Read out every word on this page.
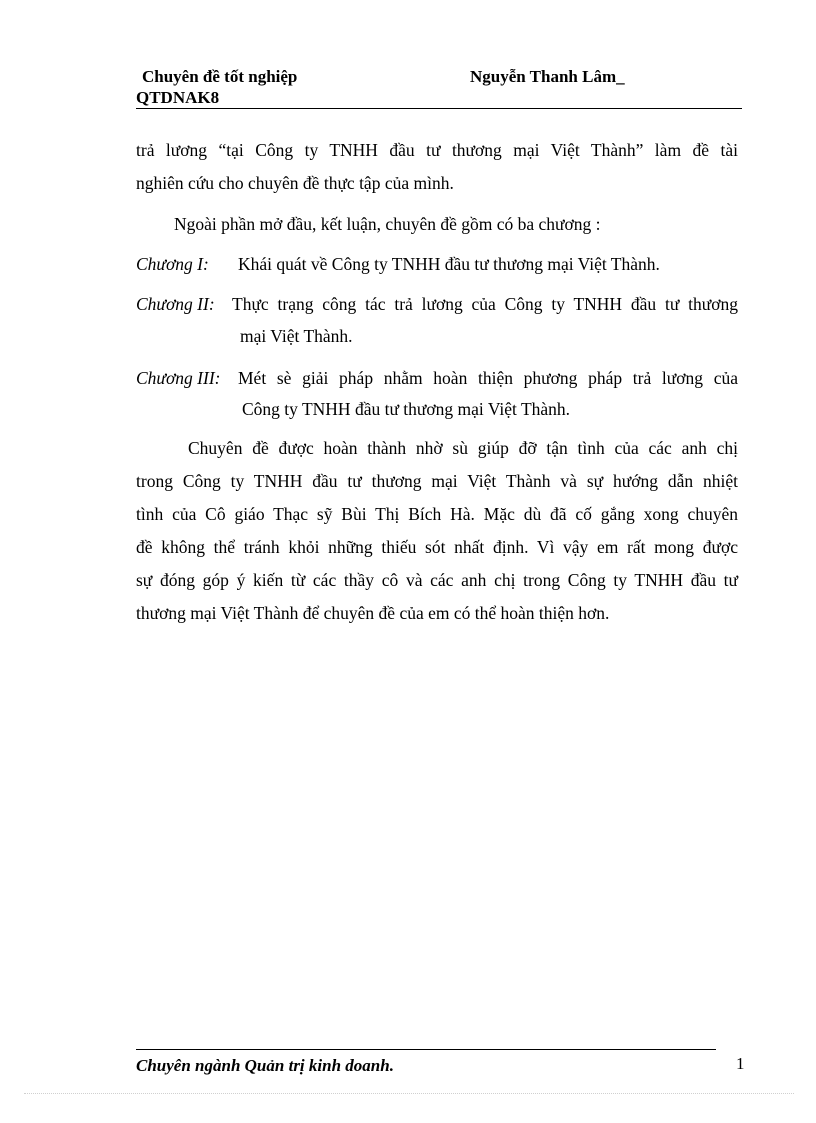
Chuyên đề tốt nghiệp	Nguyễn Thanh Lâm_
QTDNAK8
trả lương “tại Công ty TNHH đầu tư thương mại Việt Thành” làm đề tài
nghiên cứu cho chuyên đề thực tập của mình.
Ngoài phần mở đầu, kết luận, chuyên đề gồm có ba chương :
Chương I: Khái quát về Công ty TNHH đầu tư thương mại Việt Thành.
Chương II: Thực trạng công tác trả lương của Công ty TNHH đầu tư thương
mại Việt Thành.
Chương III: Mét sè giải pháp nhằm hoàn thiện phương pháp trả lương của
Công ty TNHH đầu tư thương mại Việt Thành.
Chuyên đề được hoàn thành nhờ sù giúp đỡ tận tình của các anh chị
trong Công ty TNHH đầu tư thương mại Việt Thành và sự hướng dẫn nhiệt
tình của Cô giáo Thạc sỹ Bùi Thị Bích Hà. Mặc dù đã cố gắng xong chuyên
đề không thể tránh khỏi những thiếu sót nhất định. Vì vậy em rất mong được
sự đóng góp ý kiến từ các thầy cô và các anh chị trong Công ty TNHH đầu tư
thương mại Việt Thành để chuyên đề của em có thể hoàn thiện hơn.
Chuyên ngành Quản trị kinh doanh.	1
